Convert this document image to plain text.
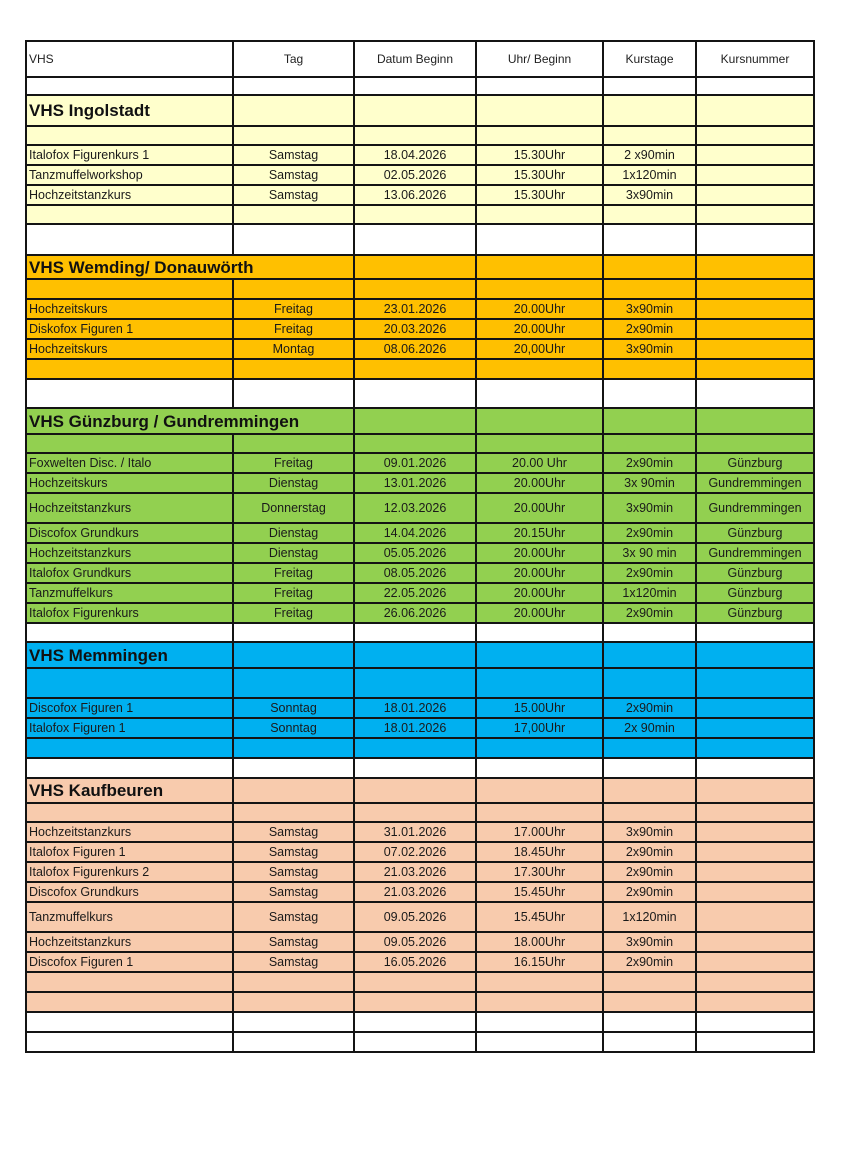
VHS	Tag	Datum Beginn	Uhr/ Beginn	Kurstage	Kursnummer

VHS Ingolstadt					

Italofox Figurenkurs 1	Samstag	18.04.2026	15.30Uhr	2 x90min	
Tanzmuffelworkshop	Samstag	02.05.2026	15.30Uhr	1x120min	
Hochzeitstanzkurs	Samstag	13.06.2026	15.30Uhr	3x90min	

VHS Wemding/ Donauwörth					

Hochzeitskurs	Freitag	23.01.2026	20.00Uhr	3x90min	
Diskofox Figuren 1	Freitag	20.03.2026	20.00Uhr	2x90min	
Hochzeitskurs	Montag	08.06.2026	20,00Uhr	3x90min	

VHS Günzburg / Gundremmingen					

Foxwelten Disc. / Italo	Freitag	09.01.2026	20.00 Uhr	2x90min	Günzburg
Hochzeitskurs	Dienstag	13.01.2026	20.00Uhr	3x 90min	Gundremmingen
Hochzeitstanzkurs	Donnerstag	12.03.2026	20.00Uhr	3x90min	Gundremmingen
Discofox Grundkurs	Dienstag	14.04.2026	20.15Uhr	2x90min	Günzburg
Hochzeitstanzkurs	Dienstag	05.05.2026	20.00Uhr	3x 90 min	Gundremmingen
Italofox Grundkurs	Freitag	08.05.2026	20.00Uhr	2x90min	Günzburg
Tanzmuffelkurs	Freitag	22.05.2026	20.00Uhr	1x120min	Günzburg
Italofox Figurenkurs	Freitag	26.06.2026	20.00Uhr	2x90min	Günzburg

VHS Memmingen					

Discofox Figuren 1	Sonntag	18.01.2026	15.00Uhr	2x90min	
Italofox Figuren 1	Sonntag	18.01.2026	17,00Uhr	2x 90min	

VHS Kaufbeuren					

Hochzeitstanzkurs	Samstag	31.01.2026	17.00Uhr	3x90min	
Italofox Figuren 1	Samstag	07.02.2026	18.45Uhr	2x90min	
Italofox Figurenkurs 2	Samstag	21.03.2026	17.30Uhr	2x90min	
Discofox Grundkurs	Samstag	21.03.2026	15.45Uhr	2x90min	
Tanzmuffelkurs	Samstag	09.05.2026	15.45Uhr	1x120min	
Hochzeitstanzkurs	Samstag	09.05.2026	18.00Uhr	3x90min	
Discofox Figuren 1	Samstag	16.05.2026	16.15Uhr	2x90min	
